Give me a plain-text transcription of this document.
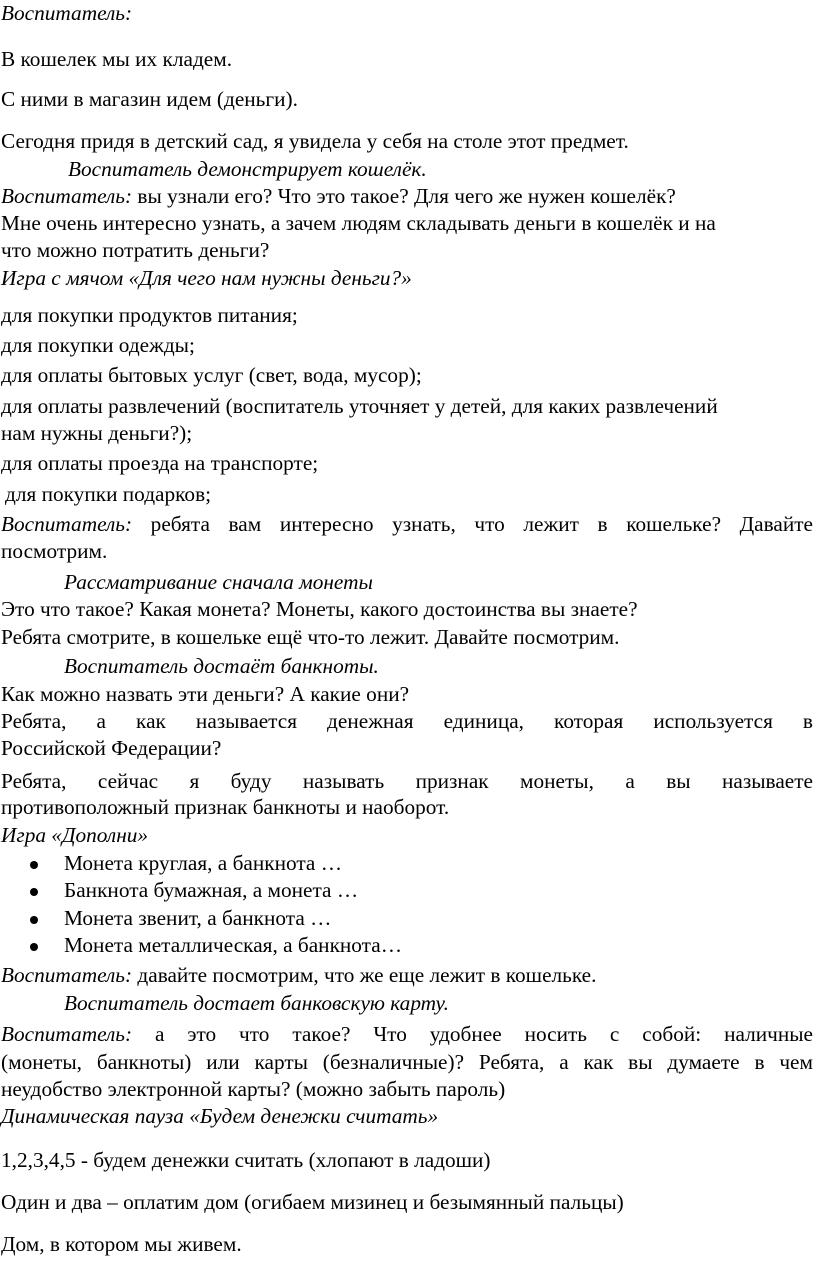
Воспитатель:
В кошелек мы их кладем.
С ними в магазин идем (деньги).
Сегодня придя в детский сад, я увидела у себя на столе этот предмет.
Воспитатель демонстрирует кошелёк.
Воспитатель: вы узнали его? Что это такое? Для чего же нужен кошелёк?
Мне очень интересно узнать, а зачем людям складывать деньги в кошелёк и на
что можно потратить деньги?
Игра с мячом «Для чего нам нужны деньги?»
для покупки продуктов питания;
для покупки одежды;
для оплаты бытовых услуг (свет, вода, мусор);
для оплаты развлечений (воспитатель уточняет у детей, для каких развлечений
нам нужны деньги?);
для оплаты проезда на транспорте;
для покупки подарков;
Воспитатель: ребята вам интересно узнать, что лежит в кошельке? Давайте
посмотрим.
Рассматривание сначала монеты
Это что такое? Какая монета? Монеты, какого достоинства вы знаете?
Ребята смотрите, в кошельке ещё что-то лежит. Давайте посмотрим.
Воспитатель достаёт банкноты.
Как можно назвать эти деньги? А какие они?
Ребята, а как называется денежная единица, которая используется в
Российской Федерации?
Ребята, сейчас я буду называть признак монеты, а вы называете
противоположный признак банкноты и наоборот.
Игра «Дополни»
Монета круглая, а банкнота …
Банкнота бумажная, а монета …
Монета звенит, а банкнота …
Монета металлическая, а банкнота…
Воспитатель: давайте посмотрим, что же еще лежит в кошельке.
Воспитатель достает банковскую карту.
Воспитатель: а это что такое? Что удобнее носить с собой: наличные
(монеты, банкноты) или карты (безналичные)? Ребята, а как вы думаете в чем
неудобство электронной карты? (можно забыть пароль)
Динамическая пауза «Будем денежки считать»
1,2,3,4,5 - будем денежки считать (хлопают в ладоши)
Один и два – оплатим дом (огибаем мизинец и безымянный пальцы)
Дом, в котором мы живем.
